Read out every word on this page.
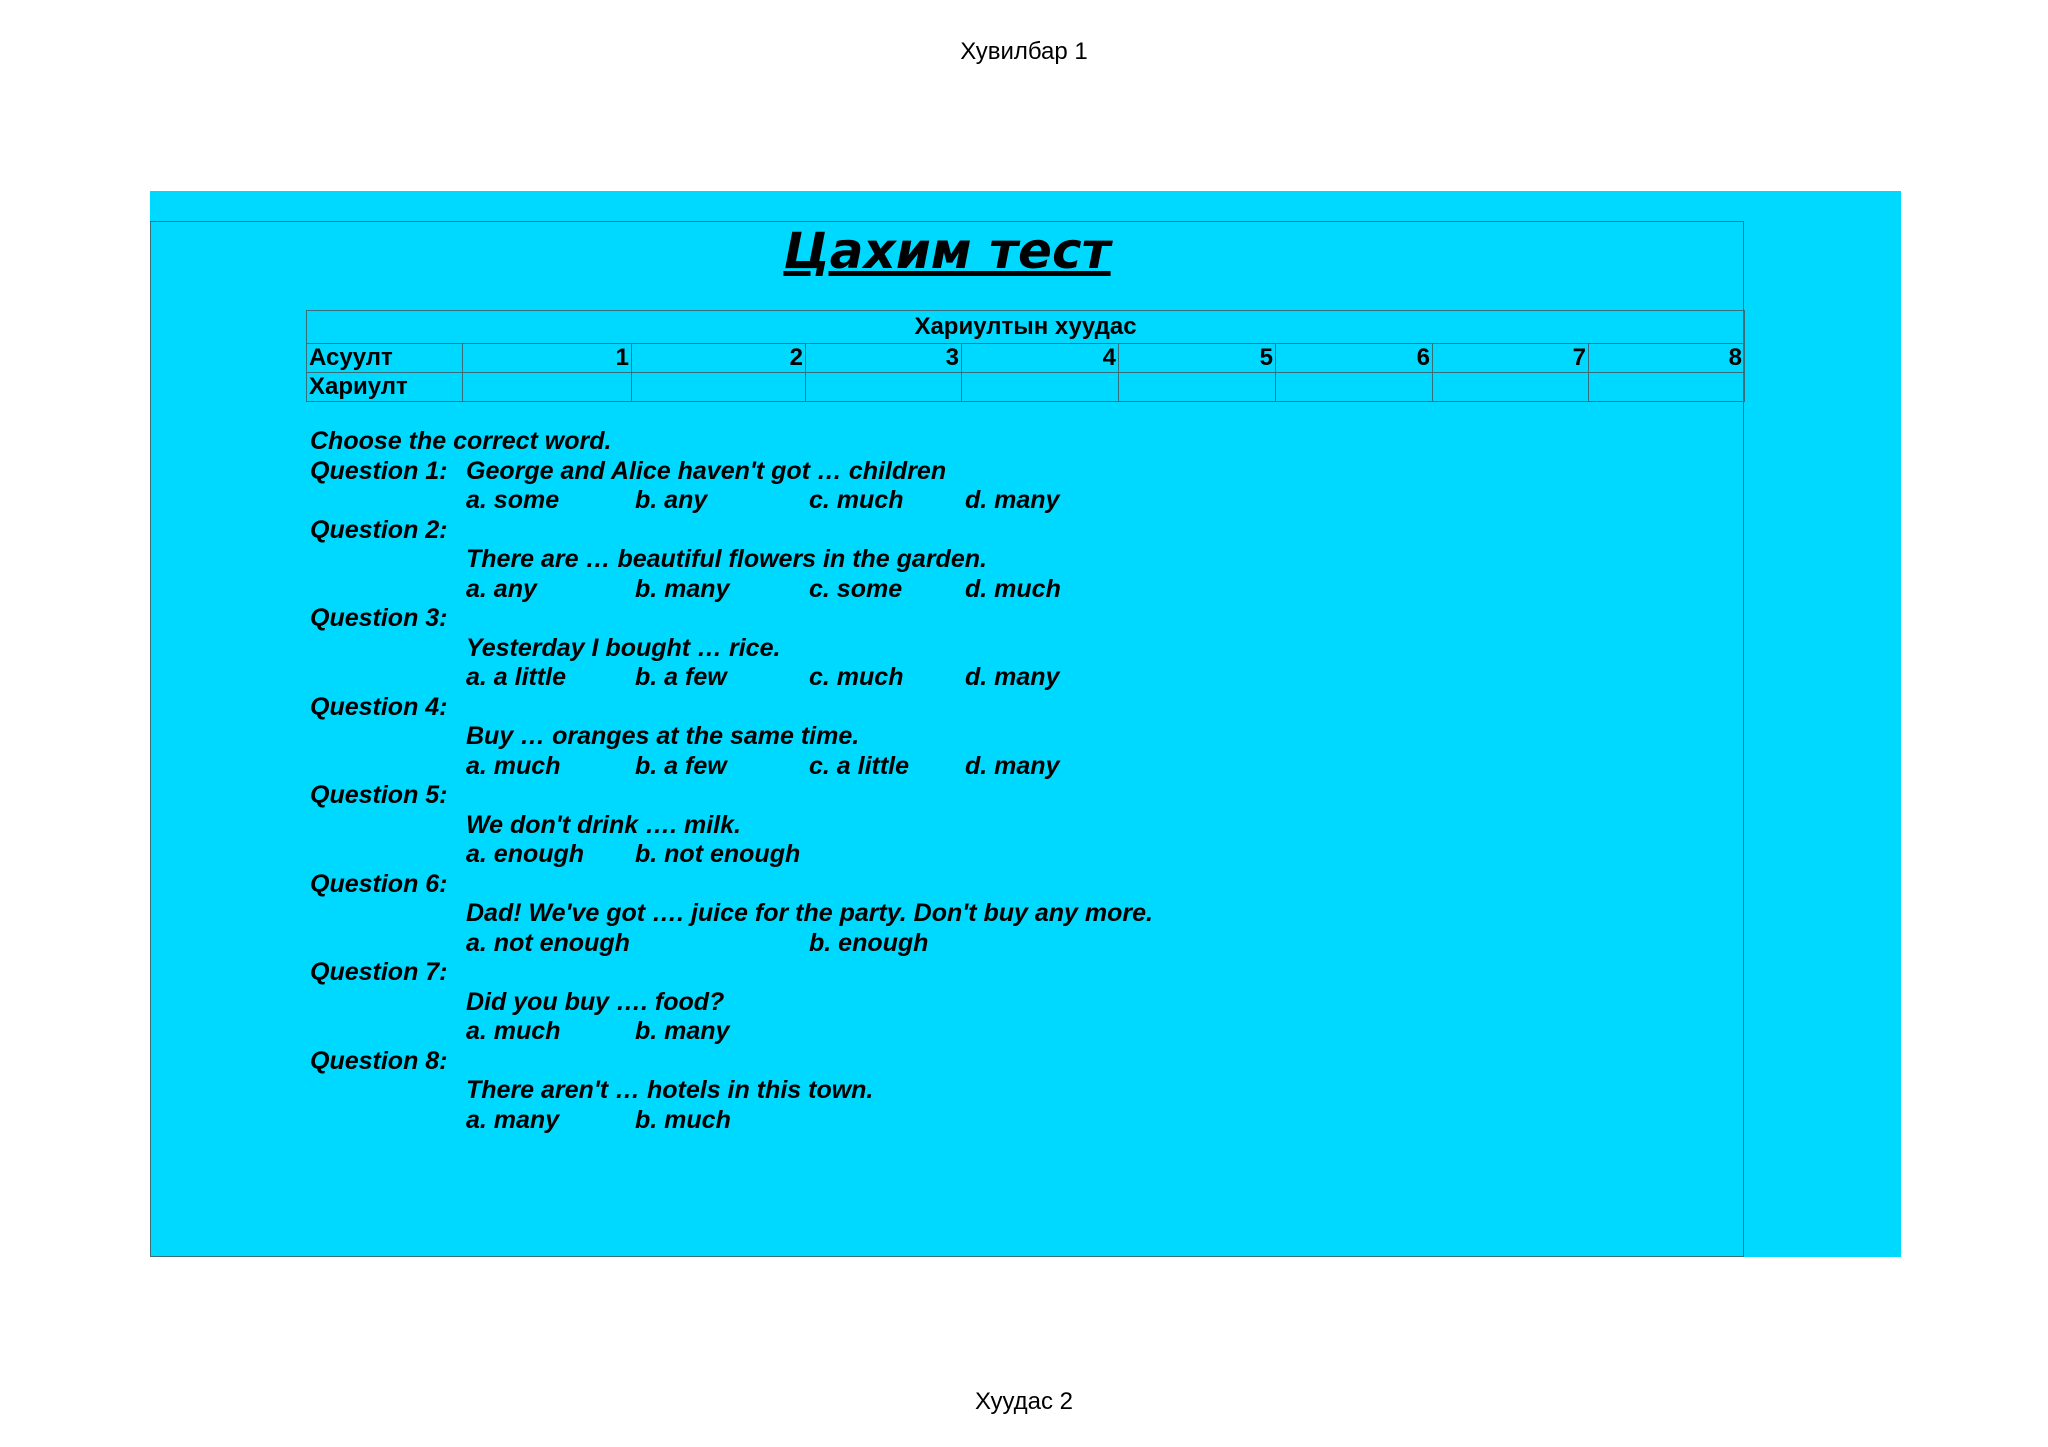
Хувилбар 1
Цахим тест
Хариултын хуудас								
Асуулт	1	2	3	4	5	6	7	8
Хариулт								
Choose the correct word.
Question 1: George and Alice haven't got … children
a. some	b. any	c. much d. many
Question 2:
There are … beautiful flowers in the garden.
a. any	b. many	c. some	d. much
Question 3:
Yesterday I bought … rice.
a. a little	b. a few	c. much d. many
Question 4:
Buy … oranges at the same time.
a. much	b. a few	c. a little d. many
Question 5:
We don't drink …. milk.
a. enough b. not enough
Question 6:
Dad! We've got …. juice for the party. Don't buy any more.
a. not enough	b. enough
Question 7:
Did you buy …. food?
a. much	b. many
Question 8:
There aren't … hotels in this town.
a. many	b. much
Хуудас 2
